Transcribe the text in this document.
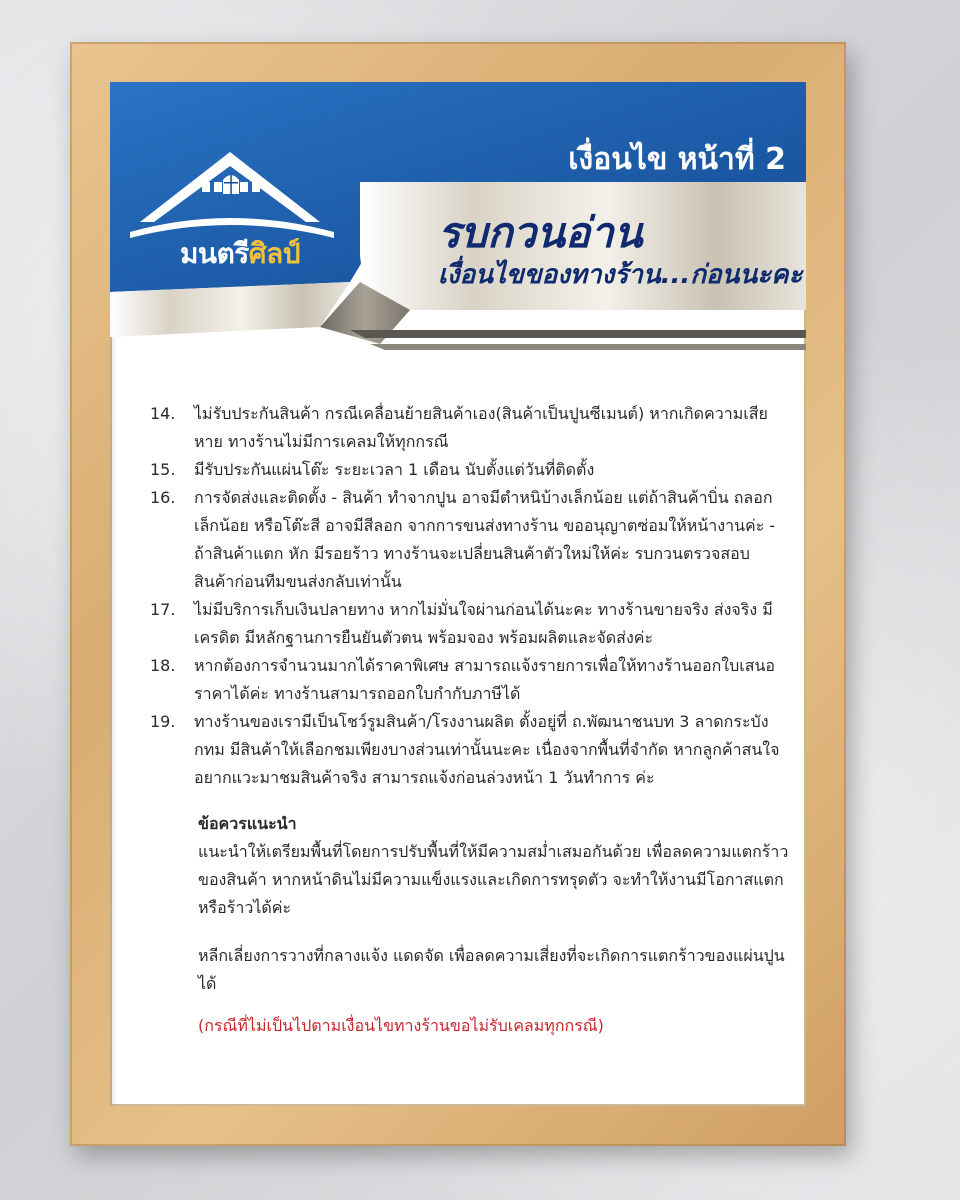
มนตรีศิลป์
เงื่อนไข หน้าที่ 2
รบกวนอ่าน
เงื่อนไขของทางร้าน...ก่อนนะคะ
14.	ไม่รับประกันสินค้า กรณีเคลื่อนย้ายสินค้าเอง(สินค้าเป็นปูนซีเมนต์) หากเกิดความเสียหาย ทางร้านไม่มีการเคลมให้ทุกกรณี
15.	มีรับประกันแผ่นโต๊ะ ระยะเวลา 1 เดือน นับตั้งแต่วันที่ติดตั้ง
16.	การจัดส่งและติดตั้ง - สินค้า ทำจากปูน อาจมีตำหนิบ้างเล็กน้อย แต่ถ้าสินค้าบิ่น ถลอก เล็กน้อย หรือโต๊ะสี อาจมีสีลอก จากการขนส่งทางร้าน ขออนุญาตซ่อมให้หน้างานค่ะ - ถ้าสินค้าแตก หัก มีรอยร้าว ทางร้านจะเปลี่ยนสินค้าตัวใหม่ให้ค่ะ รบกวนตรวจสอบสินค้าก่อนทีมขนส่งกลับเท่านั้น
17.	ไม่มีบริการเก็บเงินปลายทาง หากไม่มั่นใจผ่านก่อนได้นะคะ ทางร้านขายจริง ส่งจริง มีเครดิต มีหลักฐานการยืนยันตัวตน พร้อมจอง พร้อมผลิตและจัดส่งค่ะ
18.	หากต้องการจำนวนมากได้ราคาพิเศษ สามารถแจ้งรายการเพื่อให้ทางร้านออกใบเสนอราคาได้ค่ะ ทางร้านสามารถออกใบกำกับภาษีได้
19.	ทางร้านของเรามีเป็นโชว์รูมสินค้า/โรงงานผลิต ตั้งอยู่ที่ ถ.พัฒนาชนบท 3 ลาดกระบัง กทม มีสินค้าให้เลือกชมเพียงบางส่วนเท่านั้นนะคะ เนื่องจากพื้นที่จำกัด หากลูกค้าสนใจอยากแวะมาชมสินค้าจริง สามารถแจ้งก่อนล่วงหน้า 1 วันทำการ ค่ะ

ข้อควรแนะนำ

แนะนำให้เตรียมพื้นที่โดยการปรับพื้นที่ให้มีความสม่ำเสมอกันด้วย เพื่อลดความแตกร้าวของสินค้า หากหน้าดินไม่มีความแข็งแรงและเกิดการทรุดตัว จะทำให้งานมีโอกาสแตกหรือร้าวได้ค่ะ

หลีกเลี่ยงการวางที่กลางแจ้ง แดดจัด เพื่อลดความเสี่ยงที่จะเกิดการแตกร้าวของแผ่นปูนได้

(กรณีที่ไม่เป็นไปตามเงื่อนไขทางร้านขอไม่รับเคลมทุกกรณี)
